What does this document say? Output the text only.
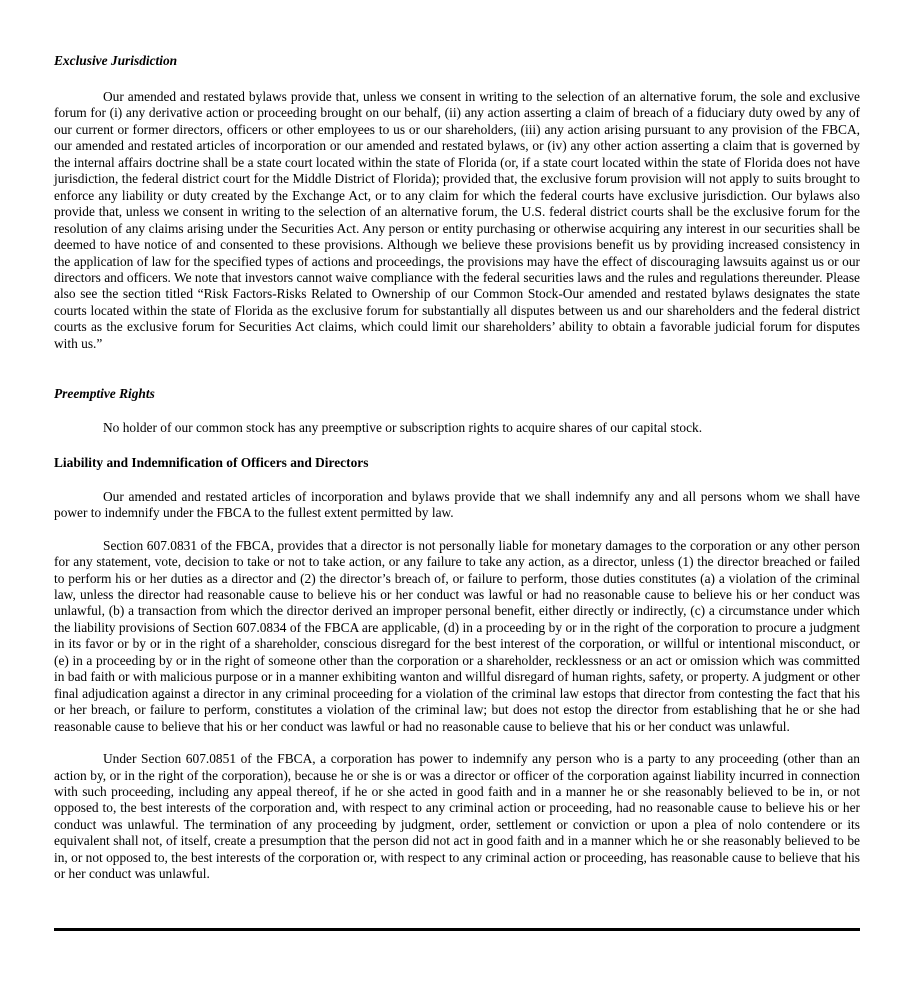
Exclusive Jurisdiction

Our amended and restated bylaws provide that, unless we consent in writing to the selection of an alternative forum, the sole and exclusive forum for (i) any derivative action or proceeding brought on our behalf, (ii) any action asserting a claim of breach of a fiduciary duty owed by any of our current or former directors, officers or other employees to us or our shareholders, (iii) any action arising pursuant to any provision of the FBCA, our amended and restated articles of incorporation or our amended and restated bylaws, or (iv) any other action asserting a claim that is governed by the internal affairs doctrine shall be a state court located within the state of Florida (or, if a state court located within the state of Florida does not have jurisdiction, the federal district court for the Middle District of Florida); provided that, the exclusive forum provision will not apply to suits brought to enforce any liability or duty created by the Exchange Act, or to any claim for which the federal courts have exclusive jurisdiction. Our bylaws also provide that, unless we consent in writing to the selection of an alternative forum, the U.S. federal district courts shall be the exclusive forum for the resolution of any claims arising under the Securities Act. Any person or entity purchasing or otherwise acquiring any interest in our securities shall be deemed to have notice of and consented to these provisions. Although we believe these provisions benefit us by providing increased consistency in the application of law for the specified types of actions and proceedings, the provisions may have the effect of discouraging lawsuits against us or our directors and officers. We note that investors cannot waive compliance with the federal securities laws and the rules and regulations thereunder. Please also see the section titled “Risk Factors-Risks Related to Ownership of our Common Stock-Our amended and restated bylaws designates the state courts located within the state of Florida as the exclusive forum for substantially all disputes between us and our shareholders and the federal district courts as the exclusive forum for Securities Act claims, which could limit our shareholders’ ability to obtain a favorable judicial forum for disputes with us.”

Preemptive Rights

No holder of our common stock has any preemptive or subscription rights to acquire shares of our capital stock.

Liability and Indemnification of Officers and Directors

Our amended and restated articles of incorporation and bylaws provide that we shall indemnify any and all persons whom we shall have power to indemnify under the FBCA to the fullest extent permitted by law.

Section 607.0831 of the FBCA, provides that a director is not personally liable for monetary damages to the corporation or any other person for any statement, vote, decision to take or not to take action, or any failure to take any action, as a director, unless (1) the director breached or failed to perform his or her duties as a director and (2) the director’s breach of, or failure to perform, those duties constitutes (a) a violation of the criminal law, unless the director had reasonable cause to believe his or her conduct was lawful or had no reasonable cause to believe his or her conduct was unlawful, (b) a transaction from which the director derived an improper personal benefit, either directly or indirectly, (c) a circumstance under which the liability provisions of Section 607.0834 of the FBCA are applicable, (d) in a proceeding by or in the right of the corporation to procure a judgment in its favor or by or in the right of a shareholder, conscious disregard for the best interest of the corporation, or willful or intentional misconduct, or (e) in a proceeding by or in the right of someone other than the corporation or a shareholder, recklessness or an act or omission which was committed in bad faith or with malicious purpose or in a manner exhibiting wanton and willful disregard of human rights, safety, or property. A judgment or other final adjudication against a director in any criminal proceeding for a violation of the criminal law estops that director from contesting the fact that his or her breach, or failure to perform, constitutes a violation of the criminal law; but does not estop the director from establishing that he or she had reasonable cause to believe that his or her conduct was lawful or had no reasonable cause to believe that his or her conduct was unlawful.

Under Section 607.0851 of the FBCA, a corporation has power to indemnify any person who is a party to any proceeding (other than an action by, or in the right of the corporation), because he or she is or was a director or officer of the corporation against liability incurred in connection with such proceeding, including any appeal thereof, if he or she acted in good faith and in a manner he or she reasonably believed to be in, or not opposed to, the best interests of the corporation and, with respect to any criminal action or proceeding, had no reasonable cause to believe his or her conduct was unlawful. The termination of any proceeding by judgment, order, settlement or conviction or upon a plea of nolo contendere or its equivalent shall not, of itself, create a presumption that the person did not act in good faith and in a manner which he or she reasonably believed to be in, or not opposed to, the best interests of the corporation or, with respect to any criminal action or proceeding, has reasonable cause to believe that his or her conduct was unlawful.
